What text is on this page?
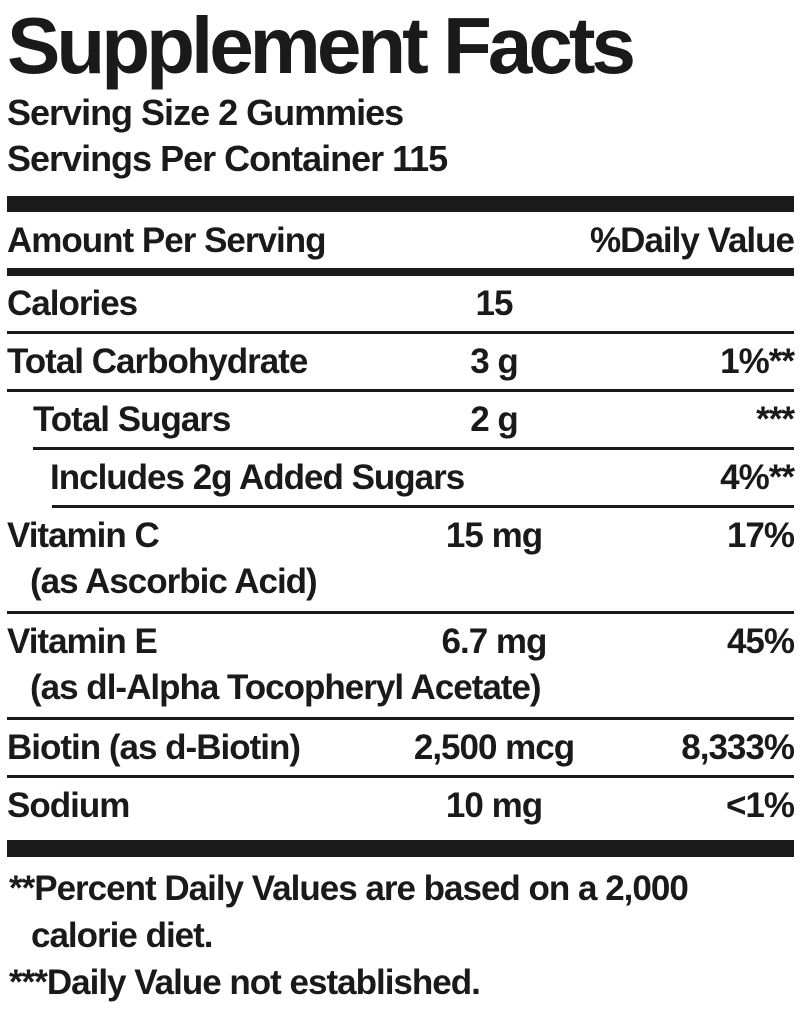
Supplement Facts
Serving Size 2 Gummies
Servings Per Container 115
Amount Per Serving	%Daily Value
Calories	15
Total Carbohydrate	3 g	1%**
Total Sugars	2 g	***
Includes 2g Added Sugars	4%**
Vitamin C	15 mg	17%
(as Ascorbic Acid)
Vitamin E	6.7 mg	45%
(as dl-Alpha Tocopheryl Acetate)
Biotin (as d-Biotin)	2,500 mcg	8,333%
Sodium	10 mg	<1%
**Percent Daily Values are based on a 2,000 calorie diet.
***Daily Value not established.
